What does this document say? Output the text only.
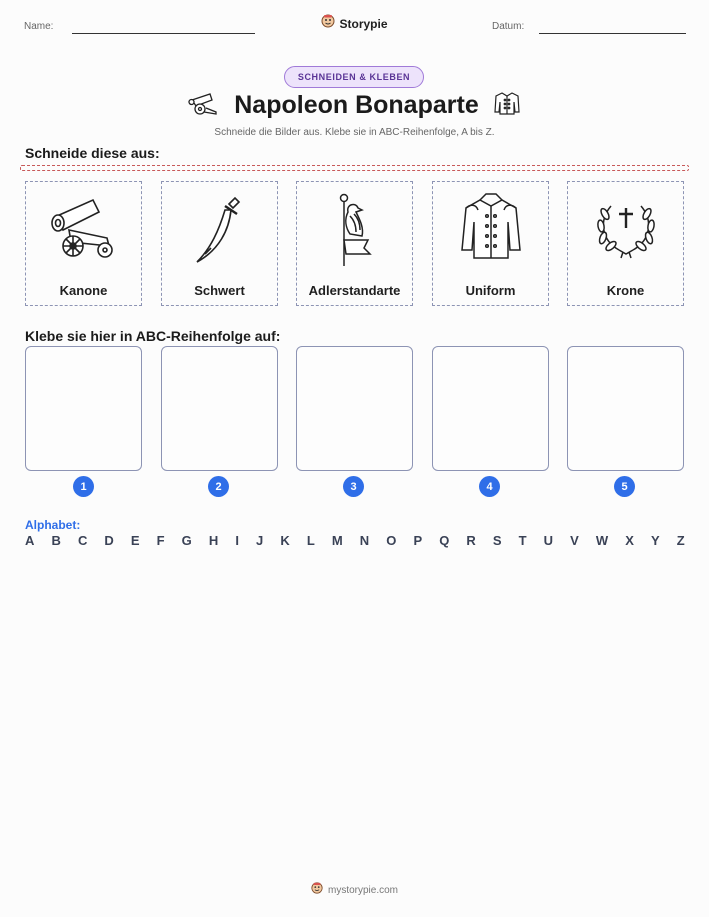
Name:	Storypie	Datum:
SCHNEIDEN & KLEBEN
Napoleon Bonaparte
Schneide die Bilder aus. Klebe sie in ABC-Reihenfolge, A bis Z.
Schneide diese aus:
Kanone	Schwert	Adlerstandarte	Uniform	Krone
Klebe sie hier in ABC-Reihenfolge auf:
1	2	3	4	5
Alphabet:
A B C D E F G H I J K L M N O P Q R S T U V W X Y Z
mystorypie.com
